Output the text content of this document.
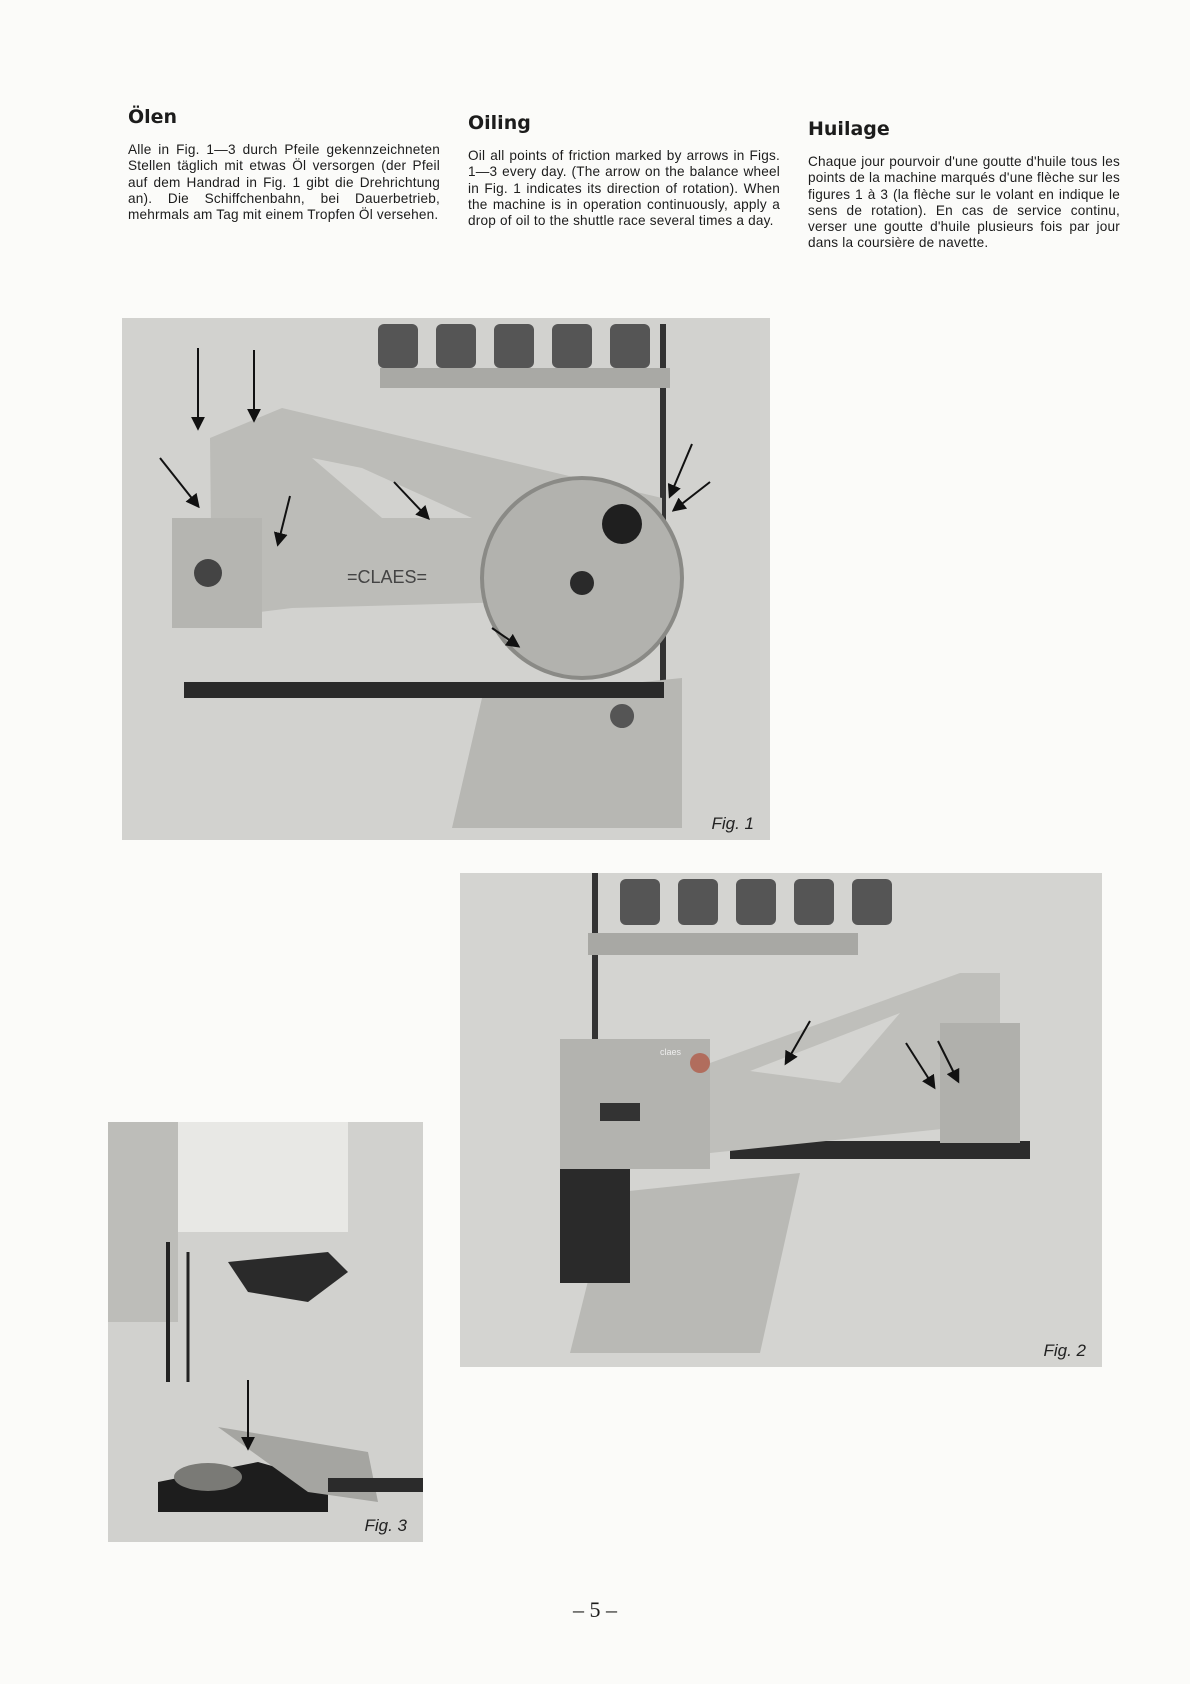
Ölen

Alle in Fig. 1—3 durch Pfeile gekennzeichneten Stellen täglich mit etwas Öl versorgen (der Pfeil auf dem Handrad in Fig. 1 gibt die Drehrichtung an). Die Schiffchenbahn, bei Dauerbetrieb, mehrmals am Tag mit einem Tropfen Öl versehen.

Oiling

Oil all points of friction marked by arrows in Figs. 1—3 every day. (The arrow on the balance wheel in Fig. 1 indicates its direction of rotation). When the machine is in operation continuously, apply a drop of oil to the shuttle race several times a day.

Huilage

Chaque jour pourvoir d'une goutte d'huile tous les points de la machine marqués d'une flèche sur les figures 1 à 3 (la flèche sur le volant en indique le sens de rotation). En cas de service continu, verser une goutte d'huile plusieurs fois par jour dans la coursière de navette.

=CLAES=
Fig. 1
claes
Fig. 2
Fig. 3
– 5 –
